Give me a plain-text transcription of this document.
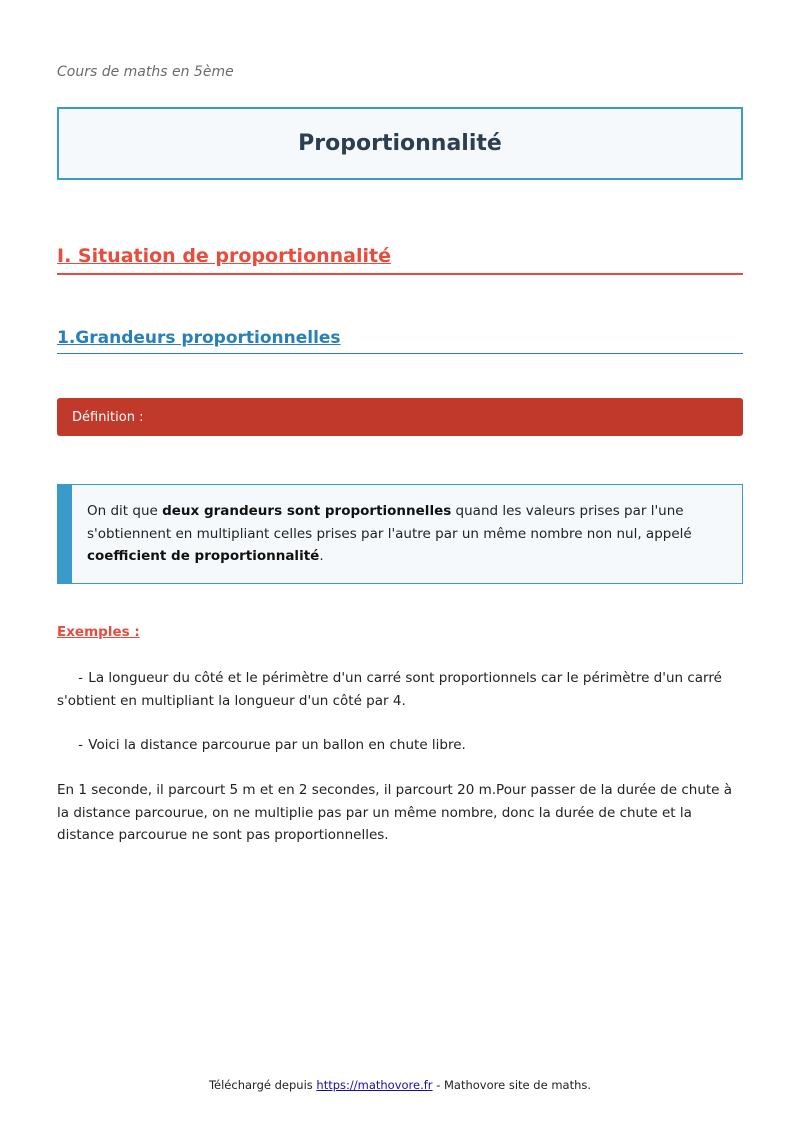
Cours de maths en 5ème
Proportionnalité
I. Situation de proportionnalité
1.Grandeurs proportionnelles
Définition :
On dit que deux grandeurs sont proportionnelles quand les valeurs prises par l'une s'obtiennent en multipliant celles prises par l'autre par un même nombre non nul, appelé coefficient de proportionnalité.
Exemples :
- La longueur du côté et le périmètre d'un carré sont proportionnels car le périmètre d'un carré s'obtient en multipliant la longueur d'un côté par 4.
- Voici la distance parcourue par un ballon en chute libre.
En 1 seconde, il parcourt 5 m et en 2 secondes, il parcourt 20 m.Pour passer de la durée de chute à la distance parcourue, on ne multiplie pas par un même nombre, donc la durée de chute et la distance parcourue ne sont pas proportionnelles.
Téléchargé depuis https://mathovore.fr - Mathovore site de maths.
